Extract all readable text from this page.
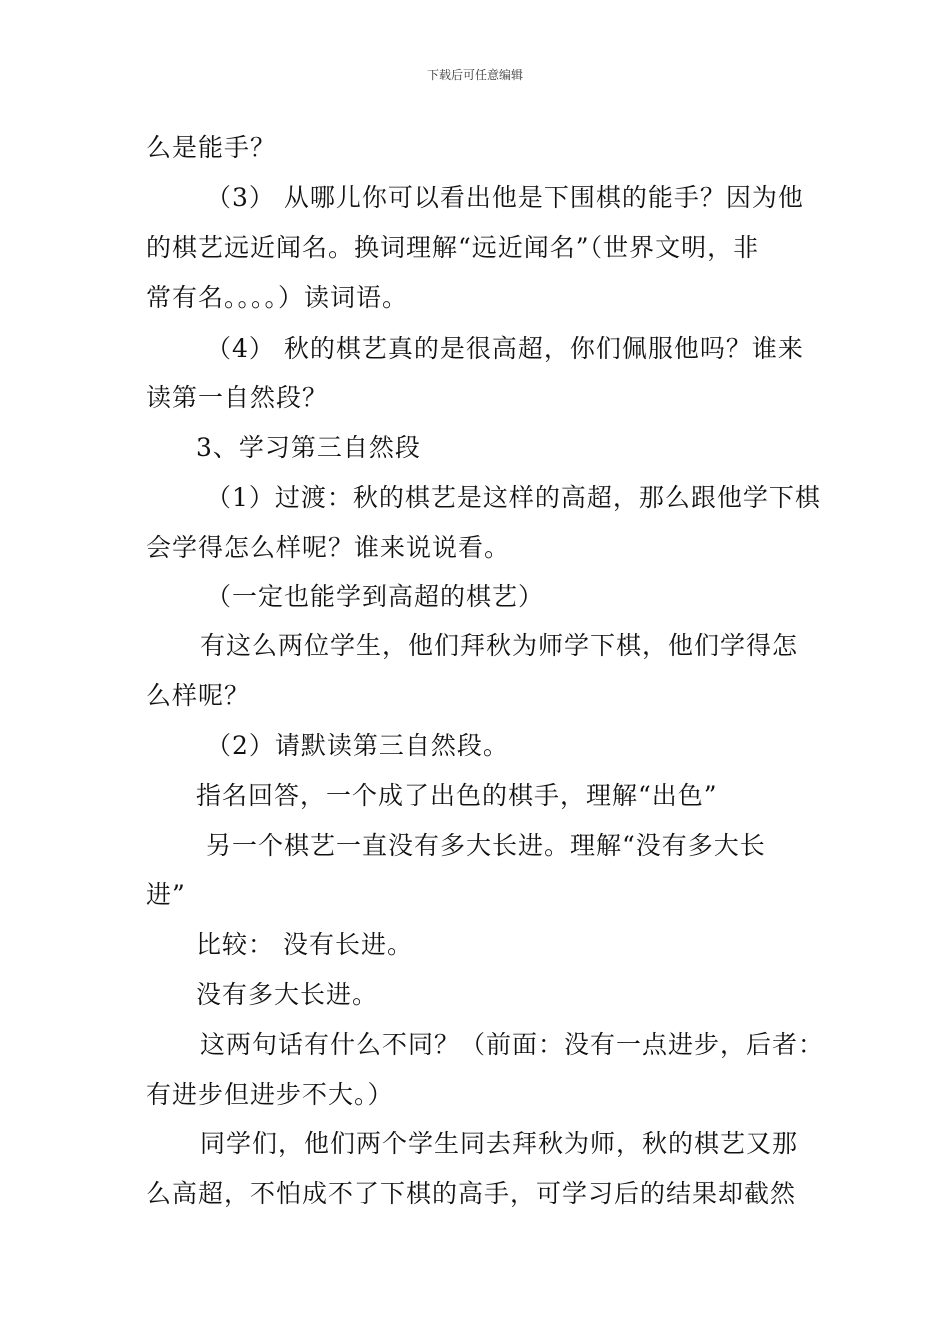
下载后可任意编辑
么是能手？
（3） 从哪儿你可以看出他是下围棋的能手？因为他
的棋艺远近闻名。换词理解“远近闻名”（世界文明，非
常有名。。。。）读词语。
（4） 秋的棋艺真的是很高超，你们佩服他吗？谁来
读第一自然段？
3、学习第三自然段
（1）过渡：秋的棋艺是这样的高超，那么跟他学下棋
会学得怎么样呢？谁来说说看。
（一定也能学到高超的棋艺）
有这么两位学生，他们拜秋为师学下棋，他们学得怎
么样呢？
（2）请默读第三自然段。
指名回答，一个成了出色的棋手，理解“出色”
另一个棋艺一直没有多大长进。理解“没有多大长
进”
比较： 没有长进。
没有多大长进。
这两句话有什么不同？（前面：没有一点进步，后者：
有进步但进步不大。）
同学们，他们两个学生同去拜秋为师，秋的棋艺又那
么高超，不怕成不了下棋的高手，可学习后的结果却截然
